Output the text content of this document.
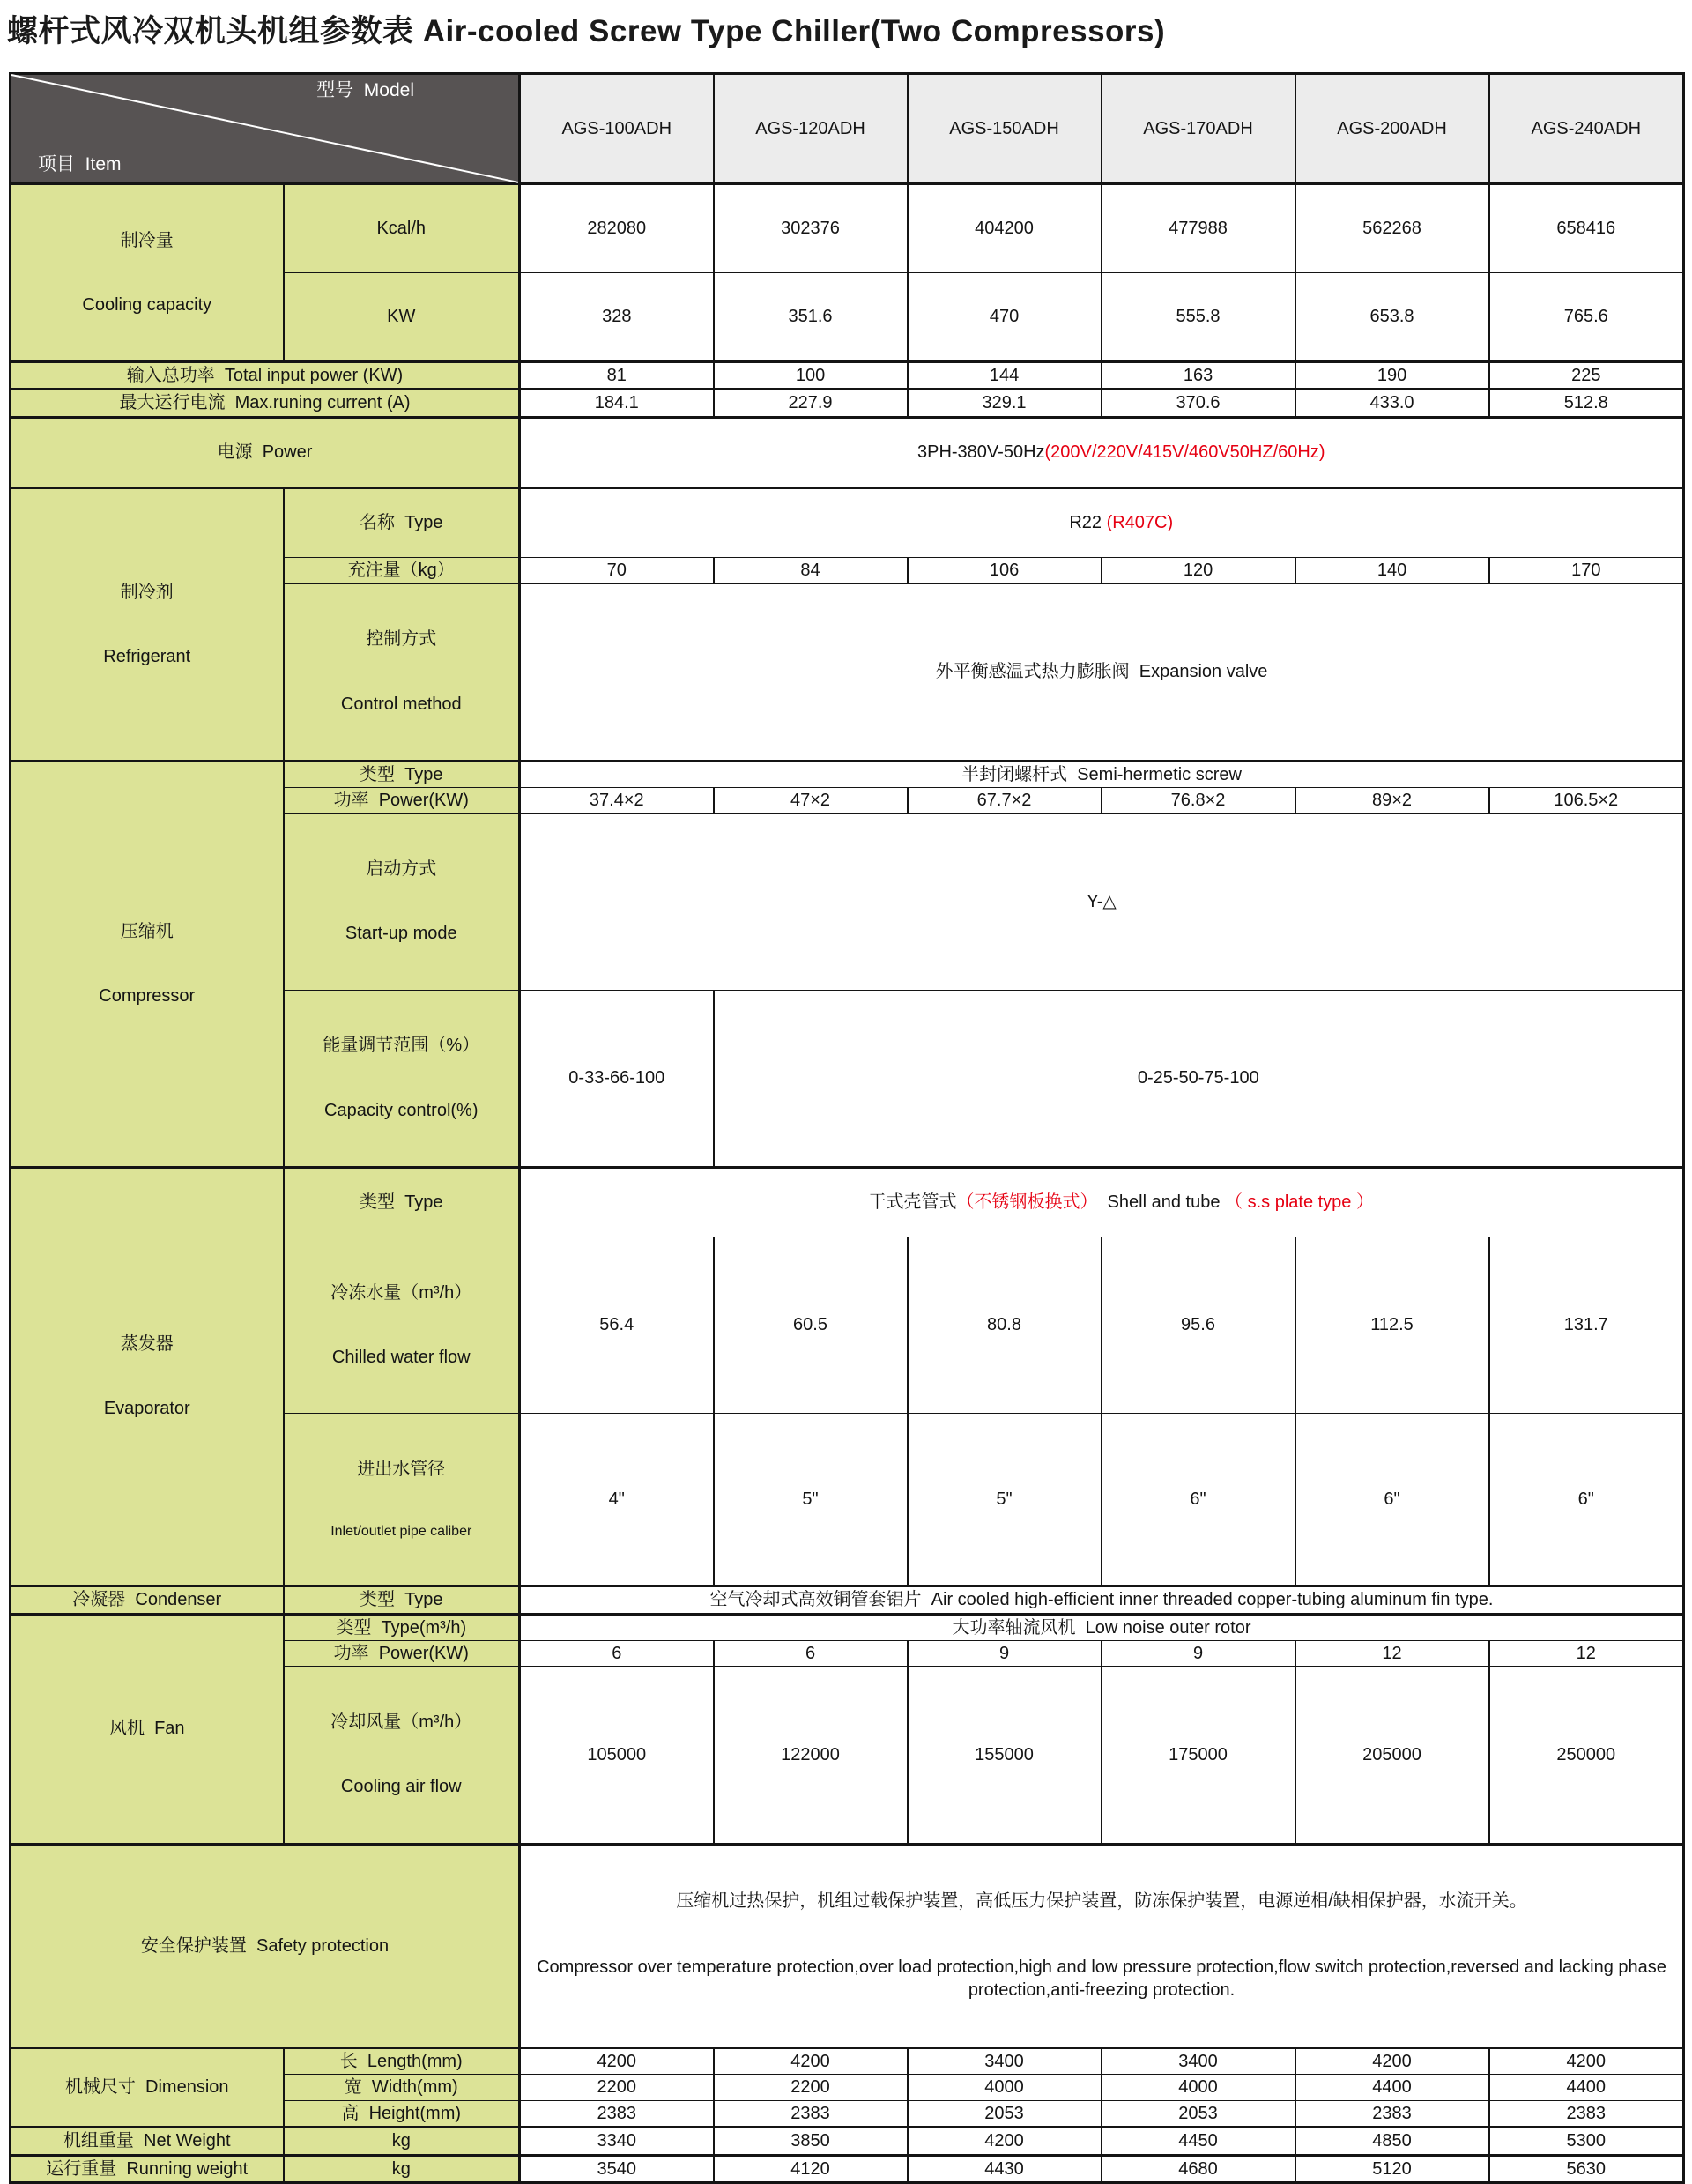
螺杆式风冷双机头机组参数表 Air-cooled Screw Type Chiller(Two Compressors)

型号  Model

项目  Item		AGS-100ADH	AGS-120ADH	AGS-150ADH	AGS-170ADH	AGS-200ADH	AGS-240ADH

制冷量

Cooling capacity	Kcal/h	282080	302376	404200	477988	562268	658416
	KW	328	351.6	470	555.8	653.8	765.6
输入总功率  Total input power (KW)		81	100	144	163	190	225
最大运行电流  Max.runing current (A)		184.1	227.9	329.1	370.6	433.0	512.8
电源  Power		3PH-380V-50Hz(200V/220V/415V/460V50HZ/60Hz)					

制冷剂

Refrigerant	名称  Type	R22 (R407C)					

	充注量（kg）	70	84	106	120	140	170

	控制方式

Control method	外平衡感温式热力膨胀阀  Expansion valve					

压缩机

Compressor	类型  Type	半封闭螺杆式  Semi-hermetic screw					
	功率  Power(KW)	37.4×2	47×2	67.7×2	76.8×2	89×2	106.5×2

	启动方式

Start-up mode	Y-△					

	能量调节范围（%）

Capacity control(%)	0-33-66-100	0-25-50-75-100				

蒸发器

Evaporator	类型  Type	干式壳管式（不锈钢板换式）  Shell and tube （ s.s plate type ）					

	冷冻水量（m³/h）

Chilled water flow	56.4	60.5	80.8	95.6	112.5	131.7

	进出水管径

Inlet/outlet pipe caliber	4"	5"	5"	6"	6"	6"
冷凝器  Condenser	类型  Type	空气冷却式高效铜管套铝片  Air cooled high-efficient inner threaded copper-tubing aluminum fin type.					
风机  Fan	类型  Type(m³/h)	大功率轴流风机  Low noise outer rotor					
	功率  Power(KW)	6	6	9	9	12	12

	冷却风量（m³/h）

Cooling air flow	105000	122000	155000	175000	205000	250000
安全保护装置  Safety protection		压缩机过热保护，机组过载保护装置，高低压力保护装置，防冻保护装置，电源逆相/缺相保护器，水流开关。

Compressor over temperature protection,over load protection,high and low pressure protection,flow switch protection,reversed and lacking phase protection,anti-freezing protection.					

机械尺寸  Dimension	长  Length(mm)	4200	4200	3400	3400	4200	4200
	宽  Width(mm)	2200	2200	4000	4000	4400	4400
	高  Height(mm)	2383	2383	2053	2053	2383	2383
机组重量  Net Weight	kg	3340	3850	4200	4450	4850	5300
运行重量  Running weight	kg	3540	4120	4430	4680	5120	5630
